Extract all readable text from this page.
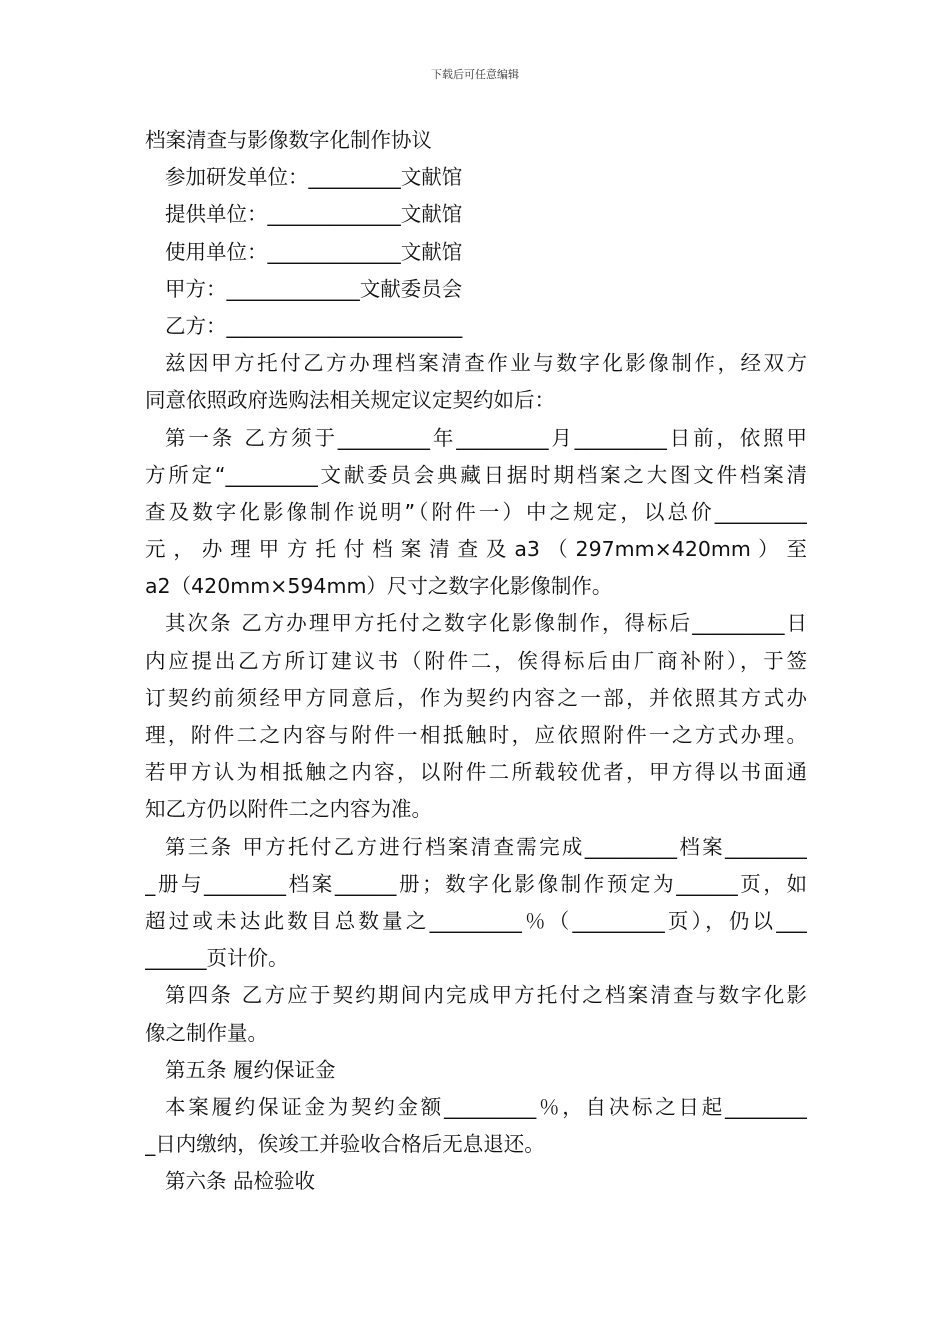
下载后可任意编辑
档案清查与影像数字化制作协议
参加研发单位：_________文献馆
提供单位：_____________文献馆
使用单位：_____________文献馆
甲方：_____________文献委员会
乙方：_______________________
兹因甲方托付乙方办理档案清查作业与数字化影像制作，经双方
同意依照政府选购法相关规定议定契约如后：
第一条 乙方须于_________年_________月_________日前，依照甲
方所定“_________文献委员会典藏日据时期档案之大图文件档案清
查及数字化影像制作说明”（附件一）中之规定，以总价_________
元 ， 办 理 甲 方 托 付 档 案 清 查 及 a3 （ 297mm×420mm ） 至
a2（420mm×594mm）尺寸之数字化影像制作。
其次条 乙方办理甲方托付之数字化影像制作，得标后_________日
内应提出乙方所订建议书（附件二，俟得标后由厂商补附），于签
订契约前须经甲方同意后，作为契约内容之一部，并依照其方式办
理，附件二之内容与附件一相抵触时，应依照附件一之方式办理。
若甲方认为相抵触之内容，以附件二所载较优者，甲方得以书面通
知乙方仍以附件二之内容为准。
第三条 甲方托付乙方进行档案清查需完成_________档案________
_册与________档案______册；数字化影像制作预定为______页，如
超过或未达此数目总数量之_________％（_________页），仍以___
______页计价。
第四条 乙方应于契约期间内完成甲方托付之档案清查与数字化影
像之制作量。
第五条 履约保证金
本案履约保证金为契约金额_________％，自决标之日起________
_日内缴纳，俟竣工并验收合格后无息退还。
第六条 品检验收
